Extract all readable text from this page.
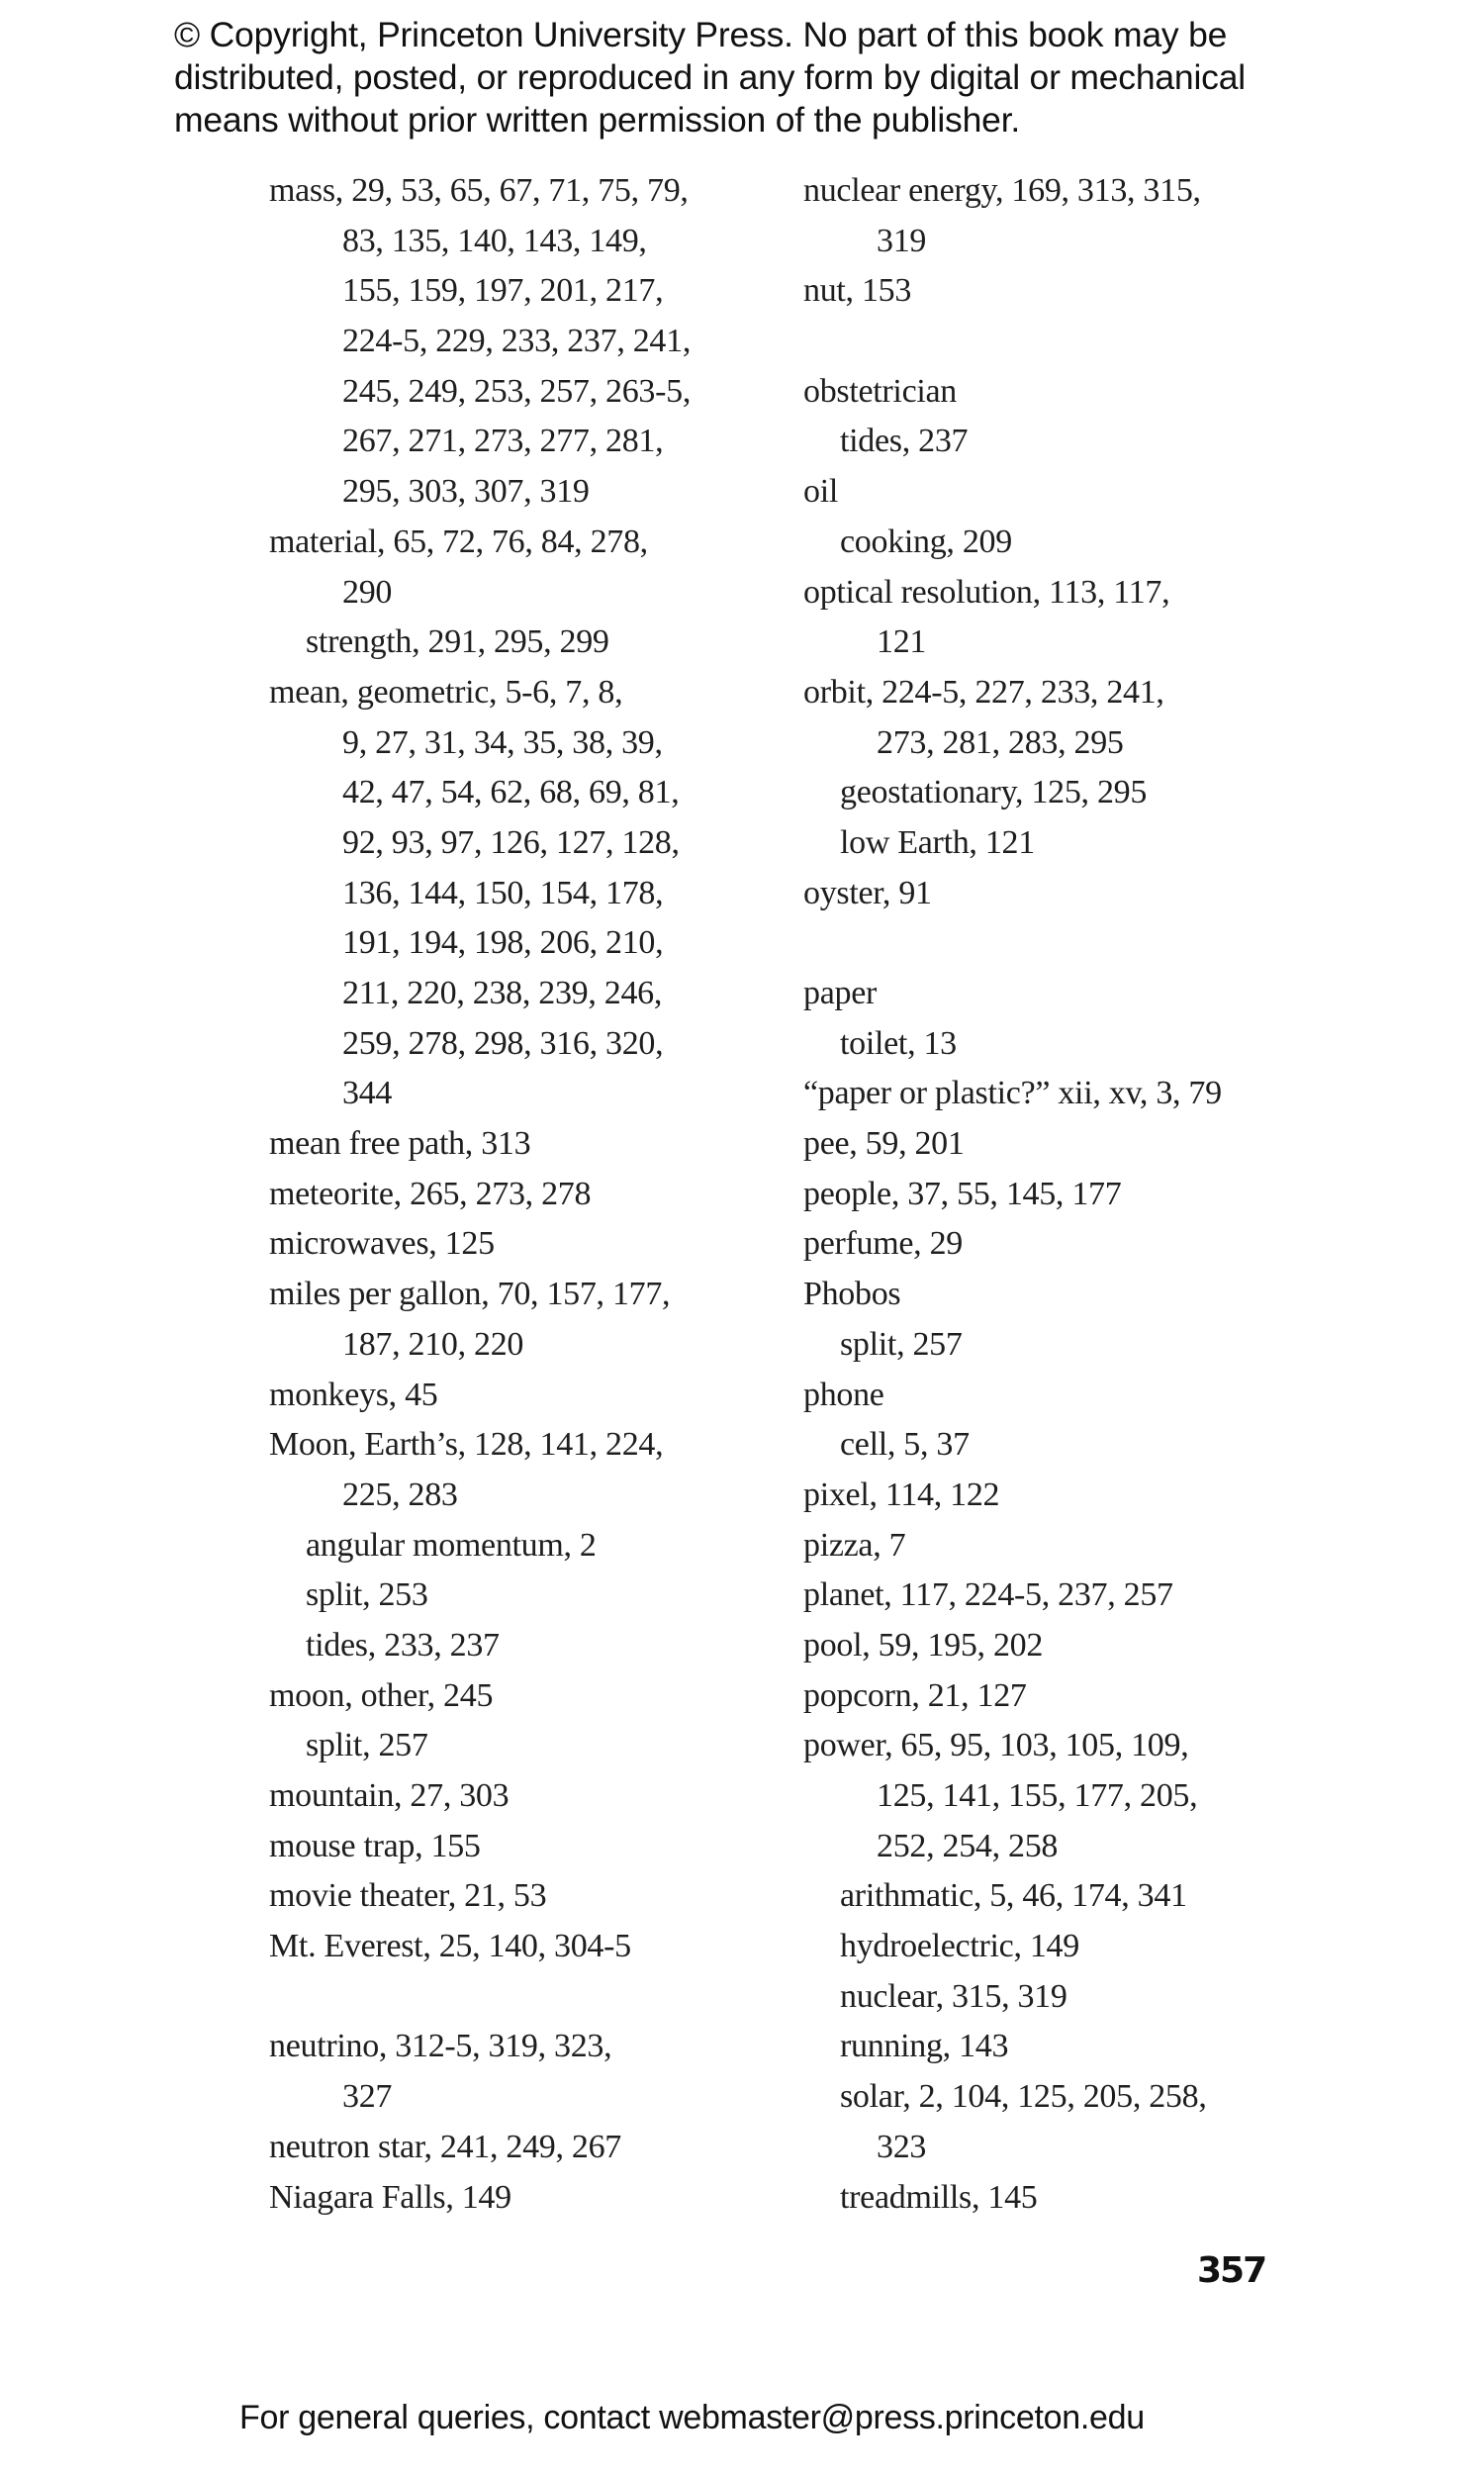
© Copyright, Princeton University Press. No part of this book may be
distributed, posted, or reproduced in any form by digital or mechanical
means without prior written permission of the publisher.
mass, 29, 53, 65, 67, 71, 75, 79,
83, 135, 140, 143, 149,
155, 159, 197, 201, 217,
224-5, 229, 233, 237, 241,
245, 249, 253, 257, 263-5,
267, 271, 273, 277, 281,
295, 303, 307, 319
material, 65, 72, 76, 84, 278,
290
strength, 291, 295, 299
mean, geometric, 5-6, 7, 8,
9, 27, 31, 34, 35, 38, 39,
42, 47, 54, 62, 68, 69, 81,
92, 93, 97, 126, 127, 128,
136, 144, 150, 154, 178,
191, 194, 198, 206, 210,
211, 220, 238, 239, 246,
259, 278, 298, 316, 320,
344
mean free path, 313
meteorite, 265, 273, 278
microwaves, 125
miles per gallon, 70, 157, 177,
187, 210, 220
monkeys, 45
Moon, Earth’s, 128, 141, 224,
225, 283
angular momentum, 2
split, 253
tides, 233, 237
moon, other, 245
split, 257
mountain, 27, 303
mouse trap, 155
movie theater, 21, 53
Mt. Everest, 25, 140, 304-5
neutrino, 312-5, 319, 323,
327
neutron star, 241, 249, 267
Niagara Falls, 149
nuclear energy, 169, 313, 315,
319
nut, 153
obstetrician
tides, 237
oil
cooking, 209
optical resolution, 113, 117,
121
orbit, 224-5, 227, 233, 241,
273, 281, 283, 295
geostationary, 125, 295
low Earth, 121
oyster, 91
paper
toilet, 13
“paper or plastic?” xii, xv, 3, 79
pee, 59, 201
people, 37, 55, 145, 177
perfume, 29
Phobos
split, 257
phone
cell, 5, 37
pixel, 114, 122
pizza, 7
planet, 117, 224-5, 237, 257
pool, 59, 195, 202
popcorn, 21, 127
power, 65, 95, 103, 105, 109,
125, 141, 155, 177, 205,
252, 254, 258
arithmatic, 5, 46, 174, 341
hydroelectric, 149
nuclear, 315, 319
running, 143
solar, 2, 104, 125, 205, 258,
323
treadmills, 145
357
For general queries, contact webmaster@press.princeton.edu
